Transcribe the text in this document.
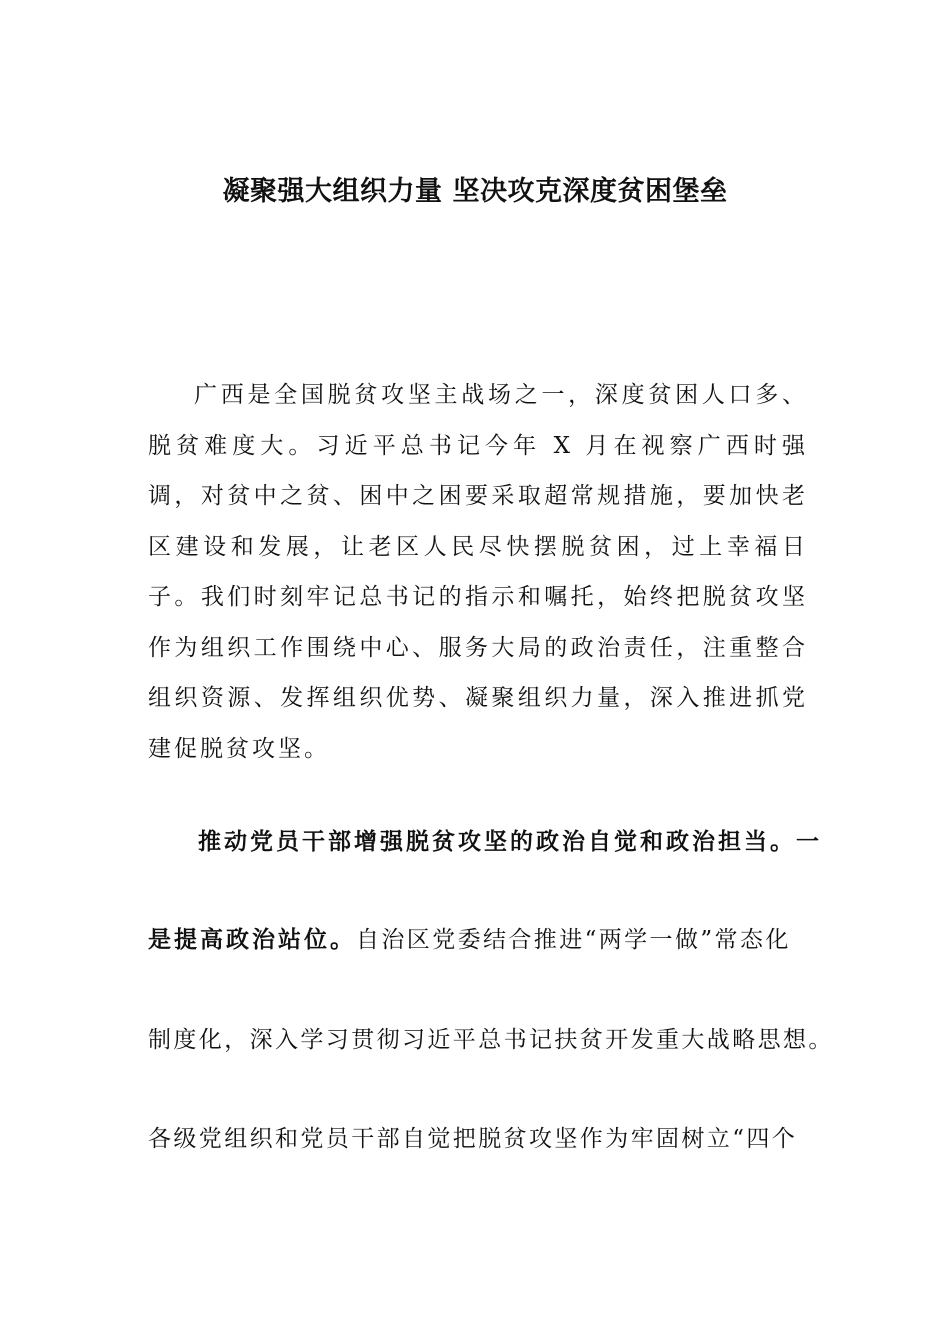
凝聚强大组织力量 坚决攻克深度贫困堡垒

广西是全国脱贫攻坚主战场之一，深度贫困人口多、脱贫难度大。习近平总书记今年 X 月在视察广西时强调，对贫中之贫、困中之困要采取超常规措施，要加快老区建设和发展，让老区人民尽快摆脱贫困，过上幸福日子。我们时刻牢记总书记的指示和嘱托，始终把脱贫攻坚作为组织工作围绕中心、服务大局的政治责任，注重整合组织资源、发挥组织优势、凝聚组织力量，深入推进抓党建促脱贫攻坚。

推动党员干部增强脱贫攻坚的政治自觉和政治担当。一

是提高政治站位。自治区党委结合推进“两学一做”常态化

制度化，深入学习贯彻习近平总书记扶贫开发重大战略思想。

各级党组织和党员干部自觉把脱贫攻坚作为牢固树立“四个
